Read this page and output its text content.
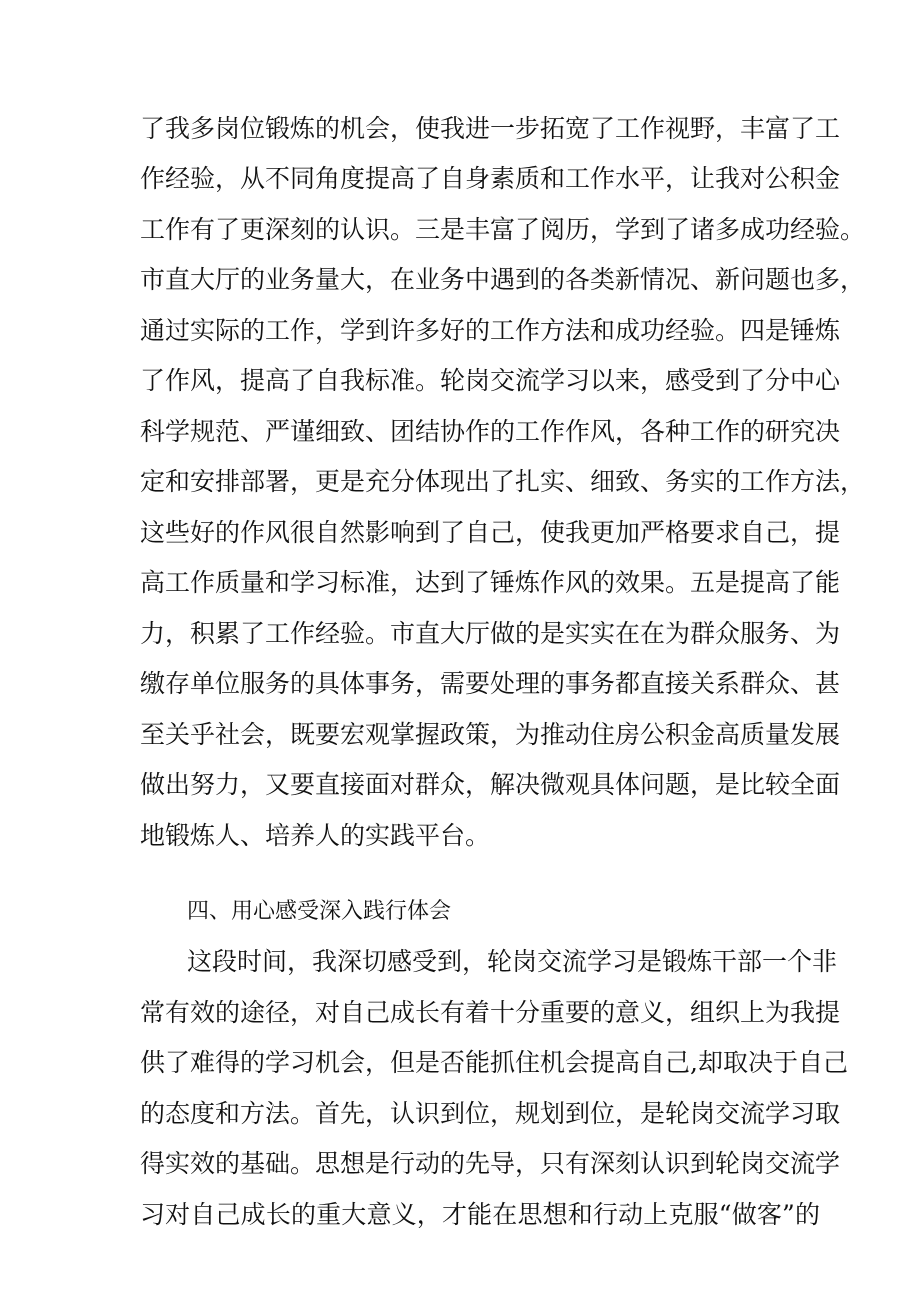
了我多岗位锻炼的机会，使我进一步拓宽了工作视野，丰富了工
作经验，从不同角度提高了自身素质和工作水平，让我对公积金
工作有了更深刻的认识。三是丰富了阅历，学到了诸多成功经验。
市直大厅的业务量大，在业务中遇到的各类新情况、新问题也多，
通过实际的工作，学到许多好的工作方法和成功经验。四是锤炼
了作风，提高了自我标准。轮岗交流学习以来，感受到了分中心
科学规范、严谨细致、团结协作的工作作风，各种工作的研究决
定和安排部署，更是充分体现出了扎实、细致、务实的工作方法，
这些好的作风很自然影响到了自己，使我更加严格要求自己，提
高工作质量和学习标准，达到了锤炼作风的效果。五是提高了能
力，积累了工作经验。市直大厅做的是实实在在为群众服务、为
缴存单位服务的具体事务，需要处理的事务都直接关系群众、甚
至关乎社会，既要宏观掌握政策，为推动住房公积金高质量发展
做出努力，又要直接面对群众，解决微观具体问题，是比较全面
地锻炼人、培养人的实践平台。
四、用心感受深入践行体会
这段时间，我深切感受到，轮岗交流学习是锻炼干部一个非
常有效的途径，对自己成长有着十分重要的意义，组织上为我提
供了难得的学习机会，但是否能抓住机会提高自己,却取决于自己
的态度和方法。首先，认识到位，规划到位，是轮岗交流学习取
得实效的基础。思想是行动的先导，只有深刻认识到轮岗交流学
习对自己成长的重大意义，才能在思想和行动上克服“做客”的
